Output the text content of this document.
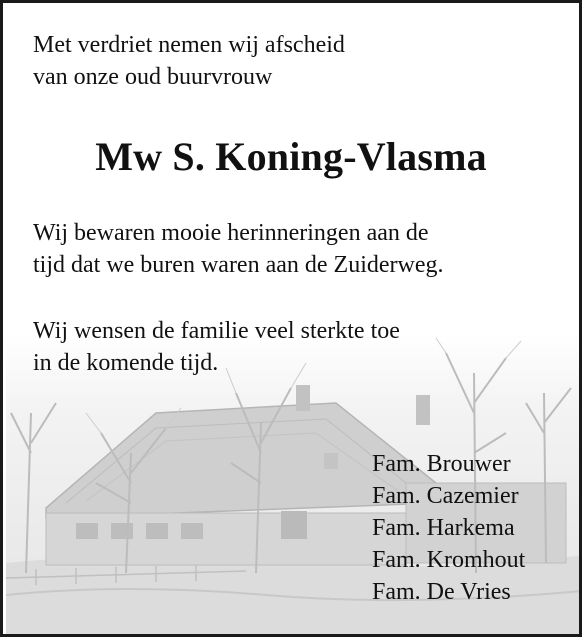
Met verdriet nemen wij afscheid
van onze oud buurvrouw

Mw S. Koning-Vlasma

Wij bewaren mooie herinneringen aan de
tijd dat we buren waren aan de Zuiderweg.

Wij wensen de familie veel sterkte toe
in de komende tijd.

Fam. Brouwer
Fam. Cazemier
Fam. Harkema
Fam. Kromhout
Fam. De Vries
